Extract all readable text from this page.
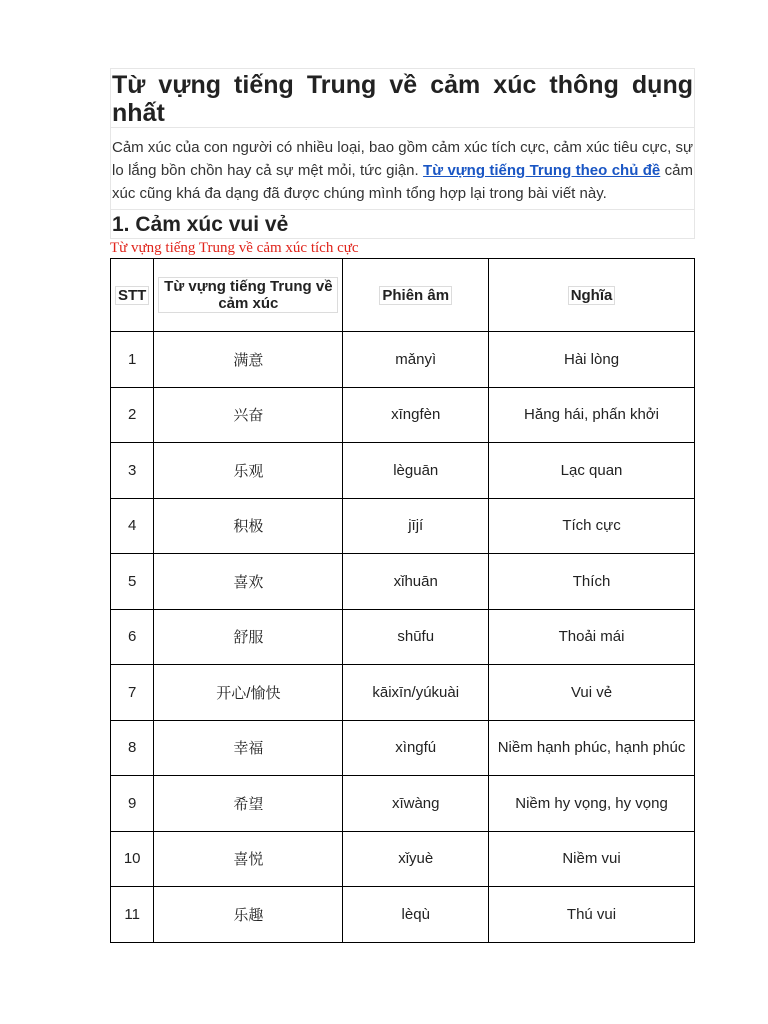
Từ vựng tiếng Trung về cảm xúc thông dụng nhất

Cảm xúc của con người có nhiều loại, bao gồm cảm xúc tích cực, cảm xúc tiêu cực, sự lo lắng bồn chồn hay cả sự mệt mỏi, tức giận. Từ vựng tiếng Trung theo chủ đề cảm xúc cũng khá đa dạng đã được chúng mình tổng hợp lại trong bài viết này.

1. Cảm xúc vui vẻ
Từ vựng tiếng Trung về cảm xúc tích cực
STT	Từ vựng tiếng Trung về cảm xúc	Phiên âm	Nghĩa
1	满意	mǎnyì	Hài lòng
2	兴奋	xīngfèn	Hăng hái, phấn khởi
3	乐观	lèguān	Lạc quan
4	积极	jījí	Tích cực
5	喜欢	xǐhuān	Thích
6	舒服	shūfu	Thoải mái
7	开心/愉快	kāixīn/yúkuài	Vui vẻ
8	幸福	xìngfú	Niềm hạnh phúc, hạnh phúc
9	希望	xīwàng	Niềm hy vọng, hy vọng
10	喜悦	xǐyuè	Niềm vui
11	乐趣	lèqù	Thú vui
